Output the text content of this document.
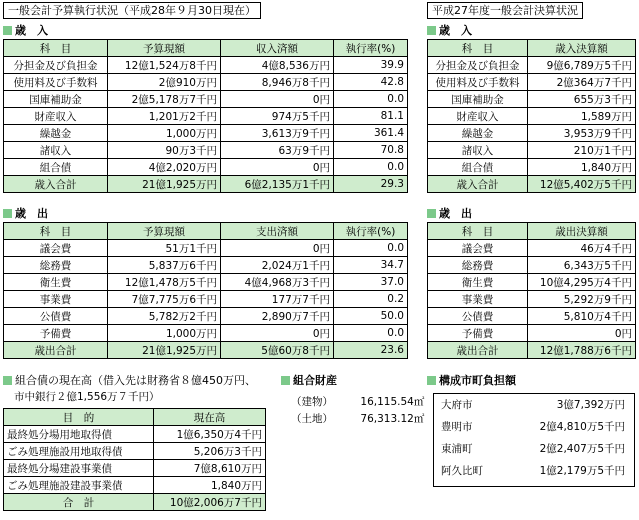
一般会計予算執行状況（平成28年９月30日現在）	平成27年度一般会計決算状況
歳　入
科　目	予算現額	収入済額	執行率(%)
分担金及び負担金	12億1,524万8千円	4億8,536万円	39.9
使用料及び手数料	2億910万円	8,946万8千円	42.8
国庫補助金	2億5,178万7千円	0円	0.0
財産収入	1,201万2千円	974万5千円	81.1
繰越金	1,000万円	3,613万9千円	361.4
諸収入	90万3千円	63万9千円	70.8
組合債	4億2,020万円	0円	0.0
歳入合計	21億1,925万円	6億2,135万1千円	29.3
歳　出
科　目	予算現額	支出済額	執行率(%)
議会費	51万1千円	0円	0.0
総務費	5,837万6千円	2,024万1千円	34.7
衛生費	12億1,478万5千円	4億4,968万3千円	37.0
事業費	7億7,775万6千円	177万7千円	0.2
公債費	5,782万2千円	2,890万7千円	50.0
予備費	1,000万円	0円	0.0
歳出合計	21億1,925万円	5億60万8千円	23.6
歳　入
科　目	歳入決算額
分担金及び負担金	9億6,789万5千円
使用料及び手数料	2億364万7千円
国庫補助金	655万3千円
財産収入	1,589万円
繰越金	3,953万9千円
諸収入	210万1千円
組合債	1,840万円
歳入合計	12億5,402万5千円
歳　出
科　目	歳出決算額
議会費	46万4千円
総務費	6,343万5千円
衛生費	10億4,295万4千円
事業費	5,292万9千円
公債費	5,810万4千円
予備費	0円
歳出合計	12億1,788万6千円
組合債の現在高（借入先は財務省８億450万円、
市中銀行２億1,556万７千円）
目　的	現在高
最終処分場用地取得債	1億6,350万4千円
ごみ処理施設用地取得債	5,206万3千円
最終処分場建設事業債	7億8,610万円
ごみ処理施設建設事業債	1,840万円
合　計	10億2,006万7千円
組合財産
（建物）	16,115.54㎡
（土地）	76,313.12㎡
構成市町負担額
大府市	3億7,392万円
豊明市	2億4,810万5千円
東浦町	2億2,407万5千円
阿久比町	1億2,179万5千円
